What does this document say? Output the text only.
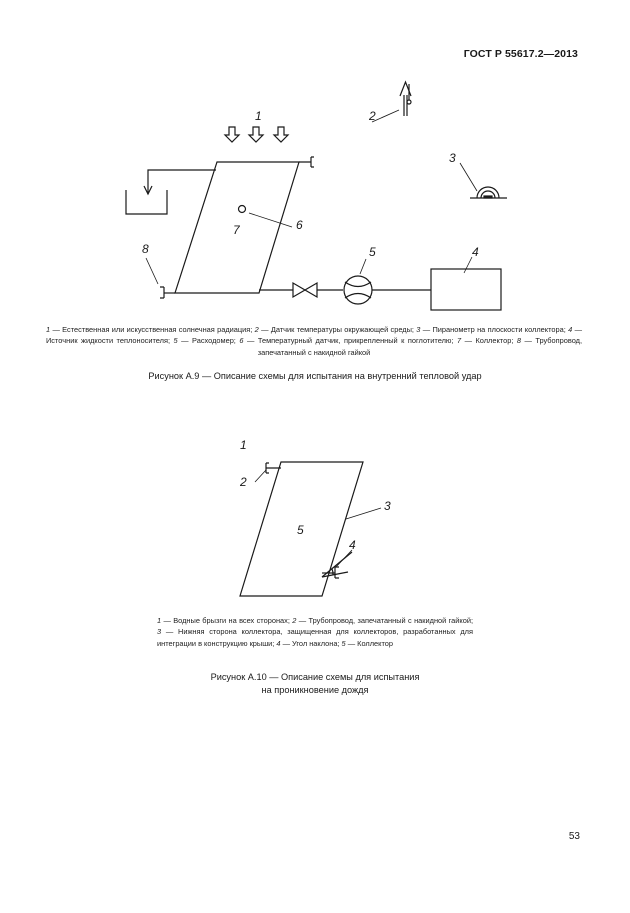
ГОСТ Р 55617.2—2013
1	2
3
4
5
6
7
8
1
2
3
4
5
1 — Естественная или искусственная солнечная радиация; 2 — Датчик температуры окружающей среды; 3 — Пиранометр на плоскости коллектора; 4 — Источник жидкости теплоносителя; 5 — Расходомер; 6 — Температурный датчик, прикрепленный к поглотителю; 7 — Коллектор; 8 — Трубопровод, запечатанный с накидной гайкой
Рисунок А.9 — Описание схемы для испытания на внутренний тепловой удар
1 — Водные брызги на всех сторонах; 2 — Трубопровод, запечатанный с накидной гайкой; 3 — Нижняя сторона коллектора, защищенная для коллекторов, разработанных для интеграции в конструкцию крыши; 4 — Угол наклона; 5 — Коллектор
Рисунок А.10 — Описание схемы для испытания
на проникновение дождя
53
